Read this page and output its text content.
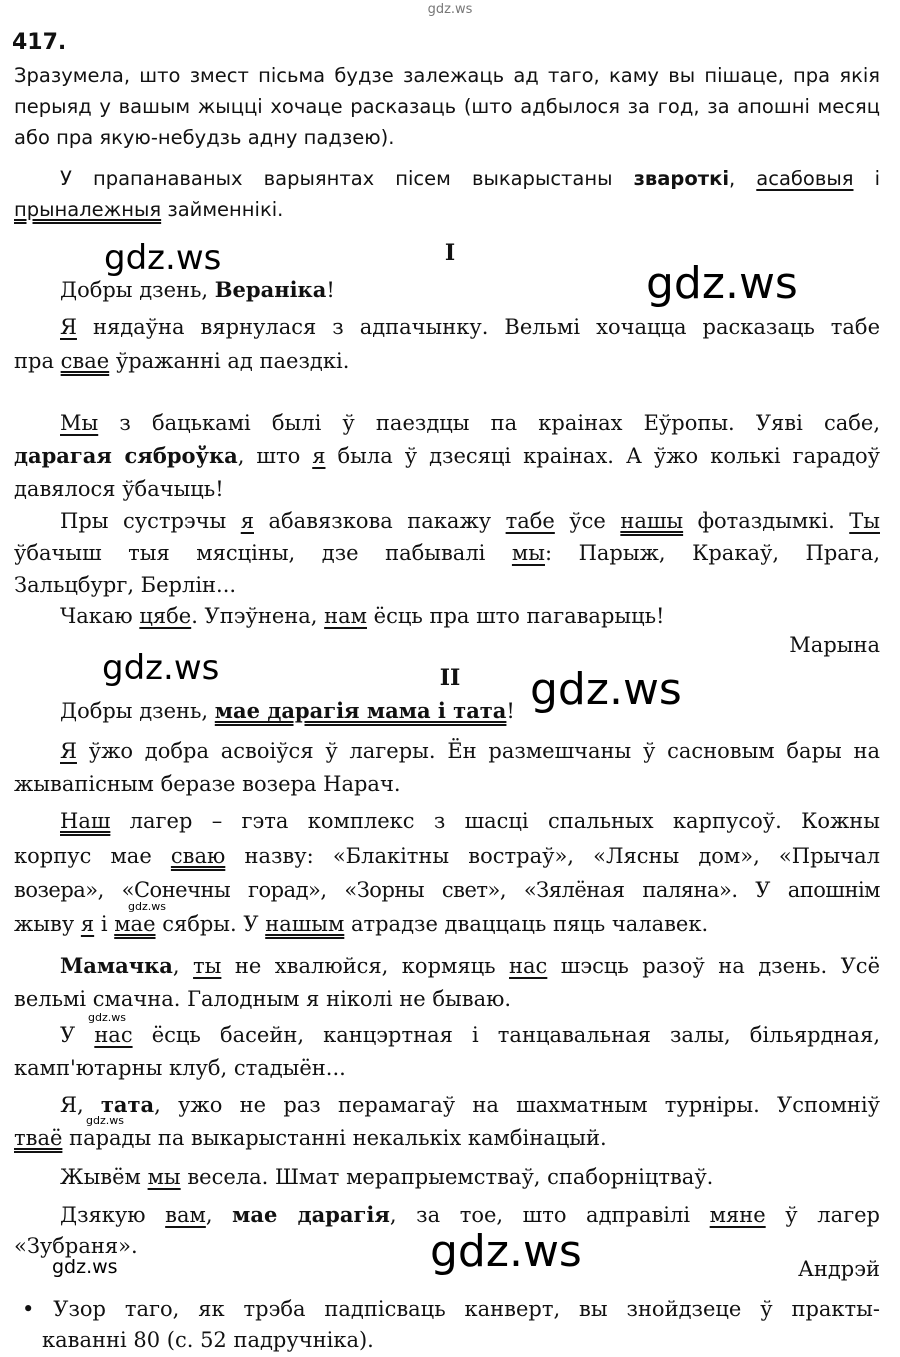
gdz.ws
417.
Зразумела, што змест пісьма будзе залежаць ад таго, каму вы пішаце, пра якія перыяд у вашым жыцці хочаце расказаць (што адбылося за год, за апошні месяц або пра якую-небудзь адну падзею).
У прапанаваных варыянтах пісем выкарыстаны звароткі, асабовыя і
прыналежныя займеннікі.
I
Добры дзень, Вераніка!
Я нядаўна вярнулася з адпачынку. Вельмі хочацца расказаць табе
пра свае ўражанні ад паездкі.
Мы з бацькамі былі ў паездцы па краінах Еўропы. Уяві сабе,
дарагая сяброўка, што я была ў дзесяці краінах. А ўжо колькі гарадоў
давялося ўбачыць!
Пры сустрэчы я абавязкова пакажу табе ўсе нашы фотаздымкі. Ты
ўбачыш тыя мясціны, дзе пабывалі мы: Парыж, Кракаў, Прага,
Зальцбург, Берлін...
Чакаю цябе. Упэўнена, нам ёсць пра што пагаварыць!
Марына
II
Добры дзень, мае дарагія мама і тата!
Я ўжо добра асвоіўся ў лагеры. Ён размешчаны ў сасновым бары на
жывапісным беразе возера Нарач.
Наш лагер – гэта комплекс з шасці спальных карпусоў. Кожны
корпус мае сваю назву: «Блакітны востраў», «Лясны дом», «Прычал
возера», «Сонечны горад», «Зорны свет», «Зялёная паляна». У апошнім
жыву я і мае сябры. У нашым атрадзе дваццаць пяць чалавек.
Мамачка, ты не хвалюйся, кормяць нас шэсць разоў на дзень. Усё
вельмі смачна. Галодным я ніколі не бываю.
У нас ёсць басейн, канцэртная і танцавальная залы, більярдная,
камп'ютарны клуб, стадыён...
Я, тата, ужо не раз перамагаў на шахматным турніры. Успомніў
тваё парады па выкарыстанні некалькіх камбінацый.
Жывём мы весела. Шмат мерапрыемстваў, спаборніцтваў.
Дзякую вам, мае дарагія, за тое, што адправілі мяне ў лагер
«Зубраня».
Андрэй
• Узор таго, як трэба падпісваць канверт, вы знойдзеце ў практы-
каванні 80 (с. 52 падручніка).
gdz.ws	gdz.ws
gdz.ws	gdz.ws
gdz.ws
gdz.ws
gdz.ws
gdz.ws
gdz.ws
